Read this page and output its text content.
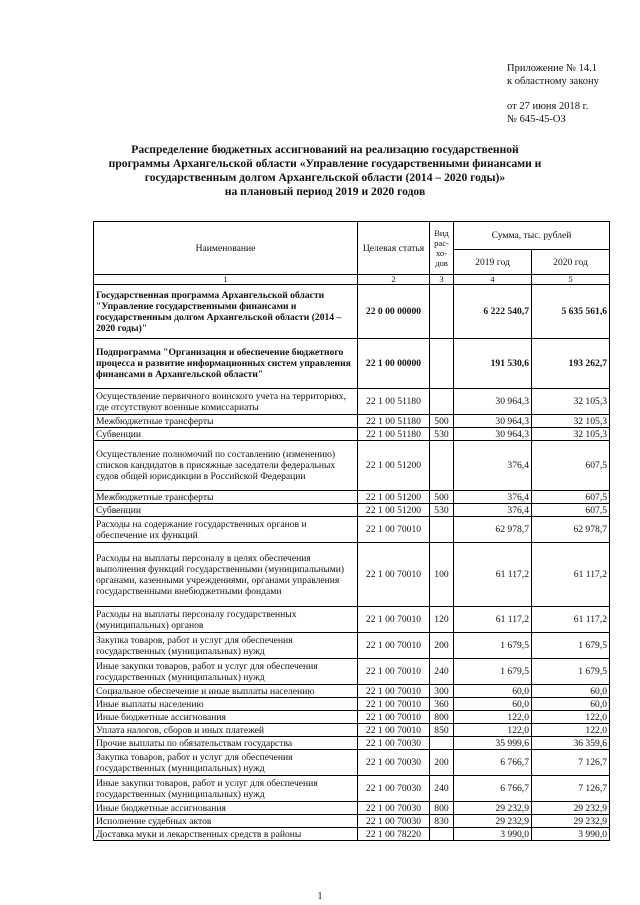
Приложение № 14.1
к областному закону
от 27 июня 2018 г.
№ 645-45-ОЗ
Распределение бюджетных ассигнований на реализацию государственной
программы Архангельской области «Управление государственными финансами и
государственным долгом Архангельской области (2014 – 2020 годы)»
на плановый период 2019 и 2020 годов
Наименование	Целевая статья	Вид рас-хо-дов	Сумма, тыс. рублей	
			2019 год	2020 год
1	2	3	4	5
Государственная программа Архангельской области "Управление государственными финансами и государственным долгом Архангельской области (2014 – 2020 годы)"	22 0 00 00000		6 222 540,7	5 635 561,6
Подпрограмма "Организация и обеспечение бюджетного процесса и развитие информационных систем управления финансами в Архангельской области"	22 1 00 00000		191 530,6	193 262,7
Осуществление первичного воинского учета на территориях, где отсутствуют военные комиссариаты	22 1 00 51180		30 964,3	32 105,3
Межбюджетные трансферты	22 1 00 51180	500	30 964,3	32 105,3
Субвенции	22 1 00 51180	530	30 964,3	32 105,3
Осуществление полномочий по составлению (изменению) списков кандидатов в присяжные заседатели федеральных судов общей юрисдикции в Российской Федерации	22 1 00 51200		376,4	607,5
Межбюджетные трансферты	22 1 00 51200	500	376,4	607,5
Субвенции	22 1 00 51200	530	376,4	607,5
Расходы на содержание государственных органов и обеспечение их функций	22 1 00 70010		62 978,7	62 978,7
Расходы на выплаты персоналу в целях обеспечения выполнения функций государственными (муниципальными) органами, казенными учреждениями, органами управления государственными внебюджетными фондами	22 1 00 70010	100	61 117,2	61 117,2
Расходы на выплаты персоналу государственных (муниципальных) органов	22 1 00 70010	120	61 117,2	61 117,2
Закупка товаров, работ и услуг для обеспечения государственных (муниципальных) нужд	22 1 00 70010	200	1 679,5	1 679,5
Иные закупки товаров, работ и услуг для обеспечения государственных (муниципальных) нужд	22 1 00 70010	240	1 679,5	1 679,5
Социальное обеспечение и иные выплаты населению	22 1 00 70010	300	60,0	60,0
Иные выплаты населению	22 1 00 70010	360	60,0	60,0
Иные бюджетные ассигнования	22 1 00 70010	800	122,0	122,0
Уплата налогов, сборов и иных платежей	22 1 00 70010	850	122,0	122,0
Прочие выплаты по обязательствам государства	22 1 00 70030		35 999,6	36 359,6
Закупка товаров, работ и услуг для обеспечения государственных (муниципальных) нужд	22 1 00 70030	200	6 766,7	7 126,7
Иные закупки товаров, работ и услуг для обеспечения государственных (муниципальных) нужд	22 1 00 70030	240	6 766,7	7 126,7
Иные бюджетные ассигнования	22 1 00 70030	800	29 232,9	29 232,9
Исполнение судебных актов	22 1 00 70030	830	29 232,9	29 232,9
Доставка муки и лекарственных средств в районы	22 1 00 78220		3 990,0	3 990,0
1
